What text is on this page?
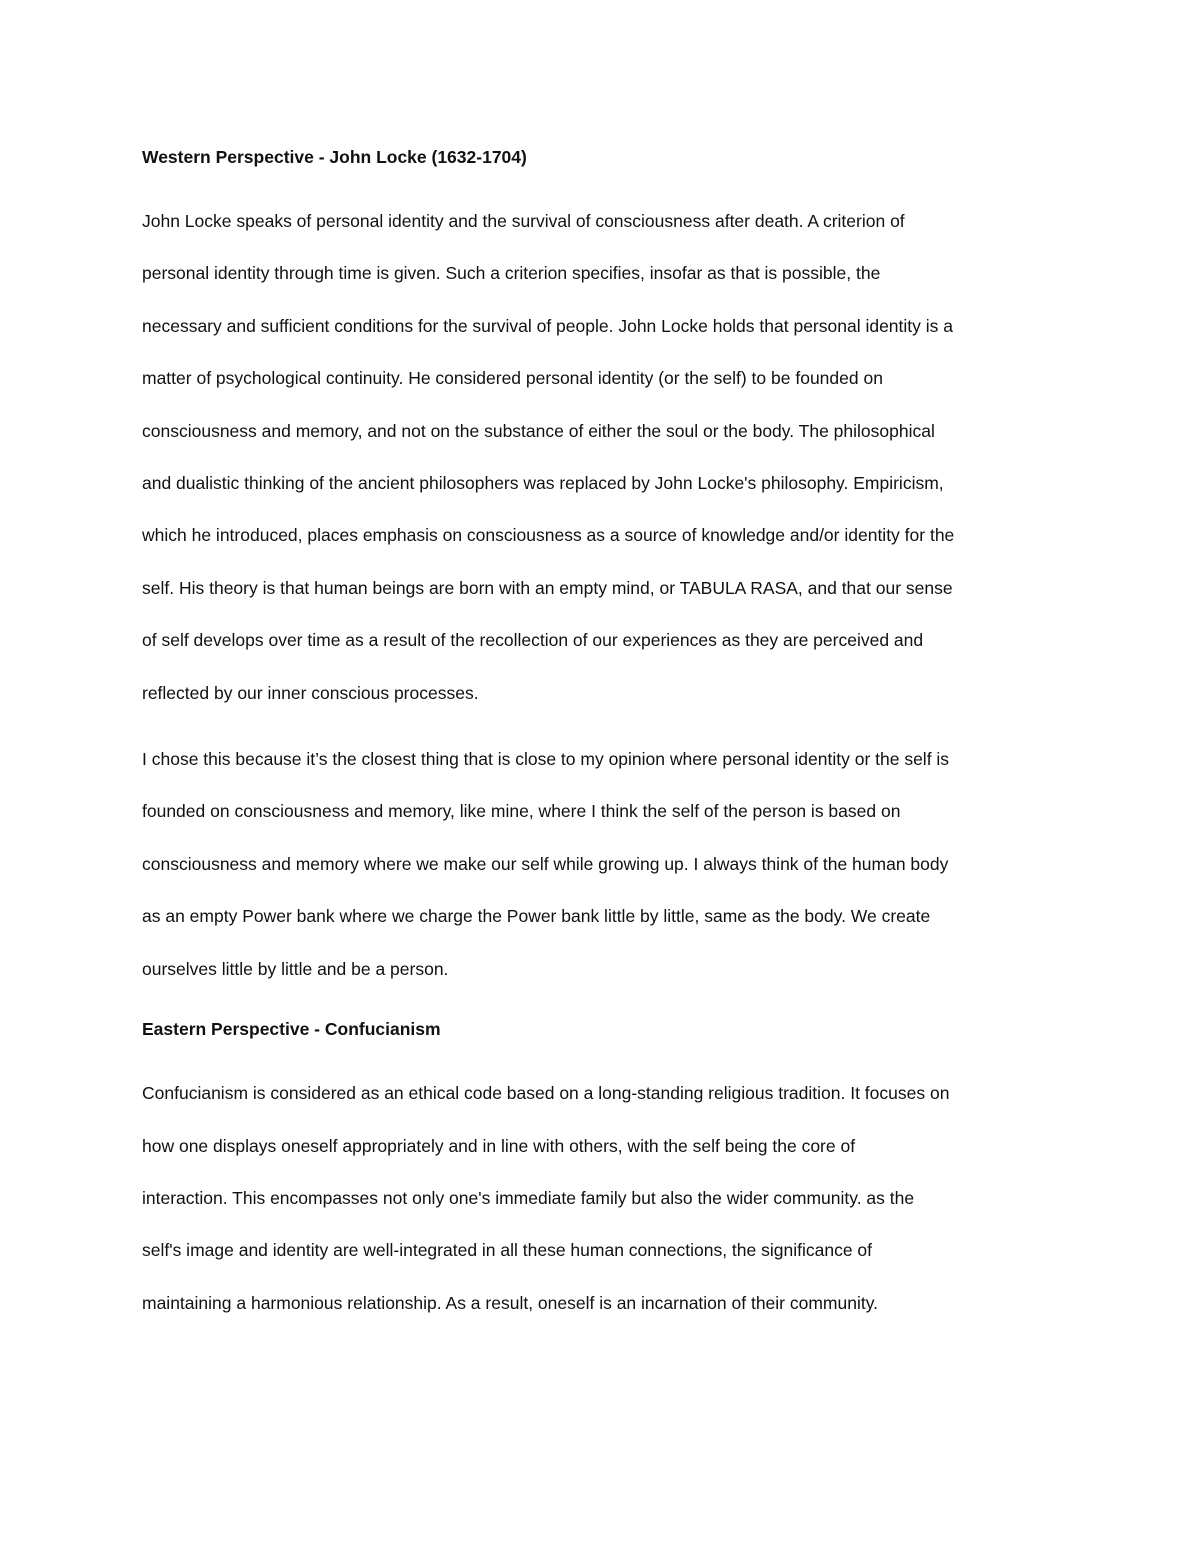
Western Perspective - John Locke (1632-1704)

John Locke speaks of personal identity and the survival of consciousness after death. A criterion of
personal identity through time is given. Such a criterion specifies, insofar as that is possible, the
necessary and sufficient conditions for the survival of people. John Locke holds that personal identity is a
matter of psychological continuity. He considered personal identity (or the self) to be founded on
consciousness and memory, and not on the substance of either the soul or the body. The philosophical
and dualistic thinking of the ancient philosophers was replaced by John Locke's philosophy. Empiricism,
which he introduced, places emphasis on consciousness as a source of knowledge and/or identity for the
self. His theory is that human beings are born with an empty mind, or TABULA RASA, and that our sense
of self develops over time as a result of the recollection of our experiences as they are perceived and
reflected by our inner conscious processes.

I chose this because it’s the closest thing that is close to my opinion where personal identity or the self is
founded on consciousness and memory, like mine, where I think the self of the person is based on
consciousness and memory where we make our self while growing up. I always think of the human body
as an empty Power bank where we charge the Power bank little by little, same as the body. We create
ourselves little by little and be a person.

Eastern Perspective - Confucianism

Confucianism is considered as an ethical code based on a long-standing religious tradition. It focuses on
how one displays oneself appropriately and in line with others, with the self being the core of
interaction. This encompasses not only one's immediate family but also the wider community. as the
self's image and identity are well-integrated in all these human connections, the significance of
maintaining a harmonious relationship. As a result, oneself is an incarnation of their community.
